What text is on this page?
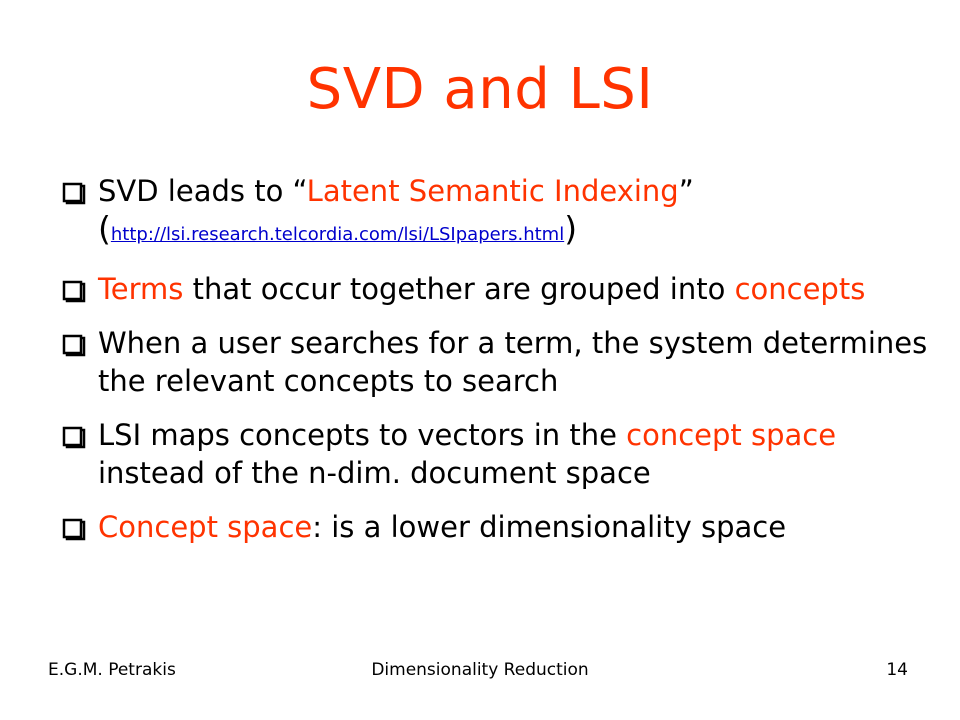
SVD and LSI
SVD leads to “Latent Semantic Indexing”
(http://lsi.research.telcordia.com/lsi/LSIpapers.html)
Terms that occur together are grouped into concepts
When a user searches for a term, the system determines the relevant concepts to search
LSI maps concepts to vectors in the concept space instead of the n-dim. document space
Concept space: is a lower dimensionality space
E.G.M. Petrakis	Dimensionality Reduction	14
